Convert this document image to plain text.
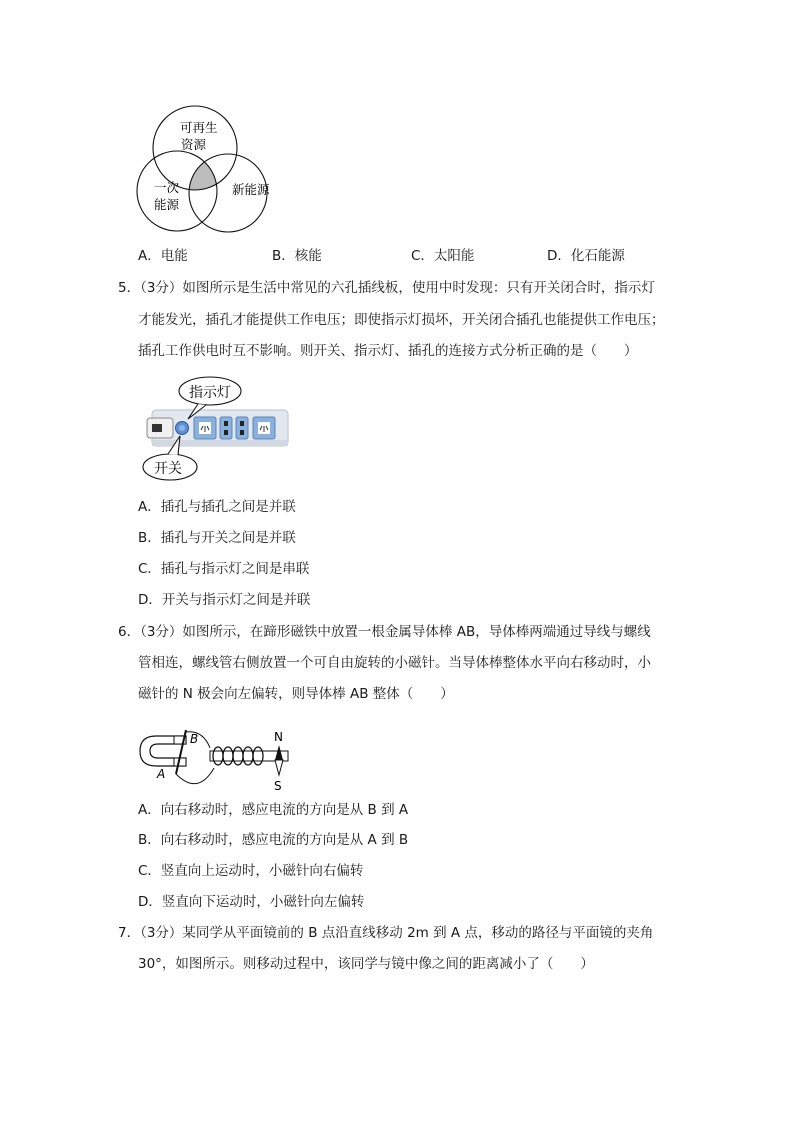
可再生
资源
一次
能源
新能源
A．电能	B．核能	C．太阳能	D．化石能源
5．（3分）如图所示是生活中常见的六孔插线板，使用中时发现：只有开关闭合时，指示灯
才能发光，插孔才能提供工作电压；即使指示灯损坏，开关闭合插孔也能提供工作电压；
插孔工作供电时互不影响。则开关、指示灯、插孔的连接方式分析正确的是（　　）
指示灯
开关
A．插孔与插孔之间是并联
B．插孔与开关之间是并联
C．插孔与指示灯之间是串联
D．开关与指示灯之间是并联
6．（3分）如图所示，在蹄形磁铁中放置一根金属导体棒 AB，导体棒两端通过导线与螺线
管相连，螺线管右侧放置一个可自由旋转的小磁针。当导体棒整体水平向右移动时，小
磁针的 N 极会向左偏转，则导体棒 AB 整体（　　）
B
A
N
S
A．向右移动时，感应电流的方向是从 B 到 A
B．向右移动时，感应电流的方向是从 A 到 B
C．竖直向上运动时，小磁针向右偏转
D．竖直向下运动时，小磁针向左偏转
7．（3分）某同学从平面镜前的 B 点沿直线移动 2m 到 A 点，移动的路径与平面镜的夹角
30°，如图所示。则移动过程中，该同学与镜中像之间的距离减小了（　　）
